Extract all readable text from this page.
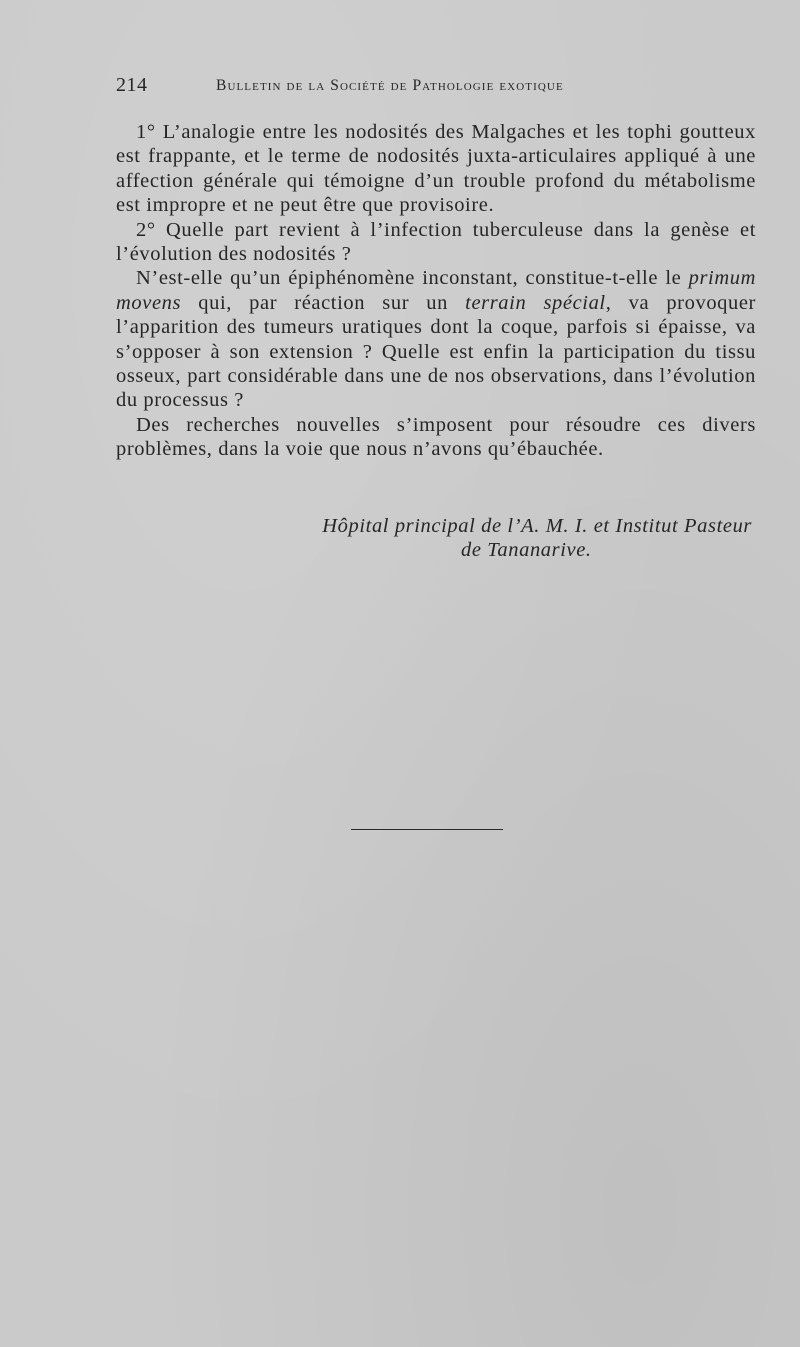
214	Bulletin de la Société de Pathologie exotique

1° L’analogie entre les nodosités des Malgaches et les tophi goutteux est frappante, et le terme de nodosités juxta-articulaires appliqué à une affection générale qui témoigne d’un trouble profond du métabolisme est impropre et ne peut être que provisoire.

2° Quelle part revient à l’infection tuberculeuse dans la genèse et l’évolution des nodosités ?

N’est-elle qu’un épiphénomène inconstant, constitue-t-elle le primum movens qui, par réaction sur un terrain spécial, va provoquer l’apparition des tumeurs uratiques dont la coque, parfois si épaisse, va s’opposer à son extension ? Quelle est enfin la participation du tissu osseux, part considérable dans une de nos observations, dans l’évolution du processus ?

Des recherches nouvelles s’imposent pour résoudre ces divers problèmes, dans la voie que nous n’avons qu’ébauchée.

Hôpital principal de l’A. M. I. et Institut Pasteur
de Tananarive.
